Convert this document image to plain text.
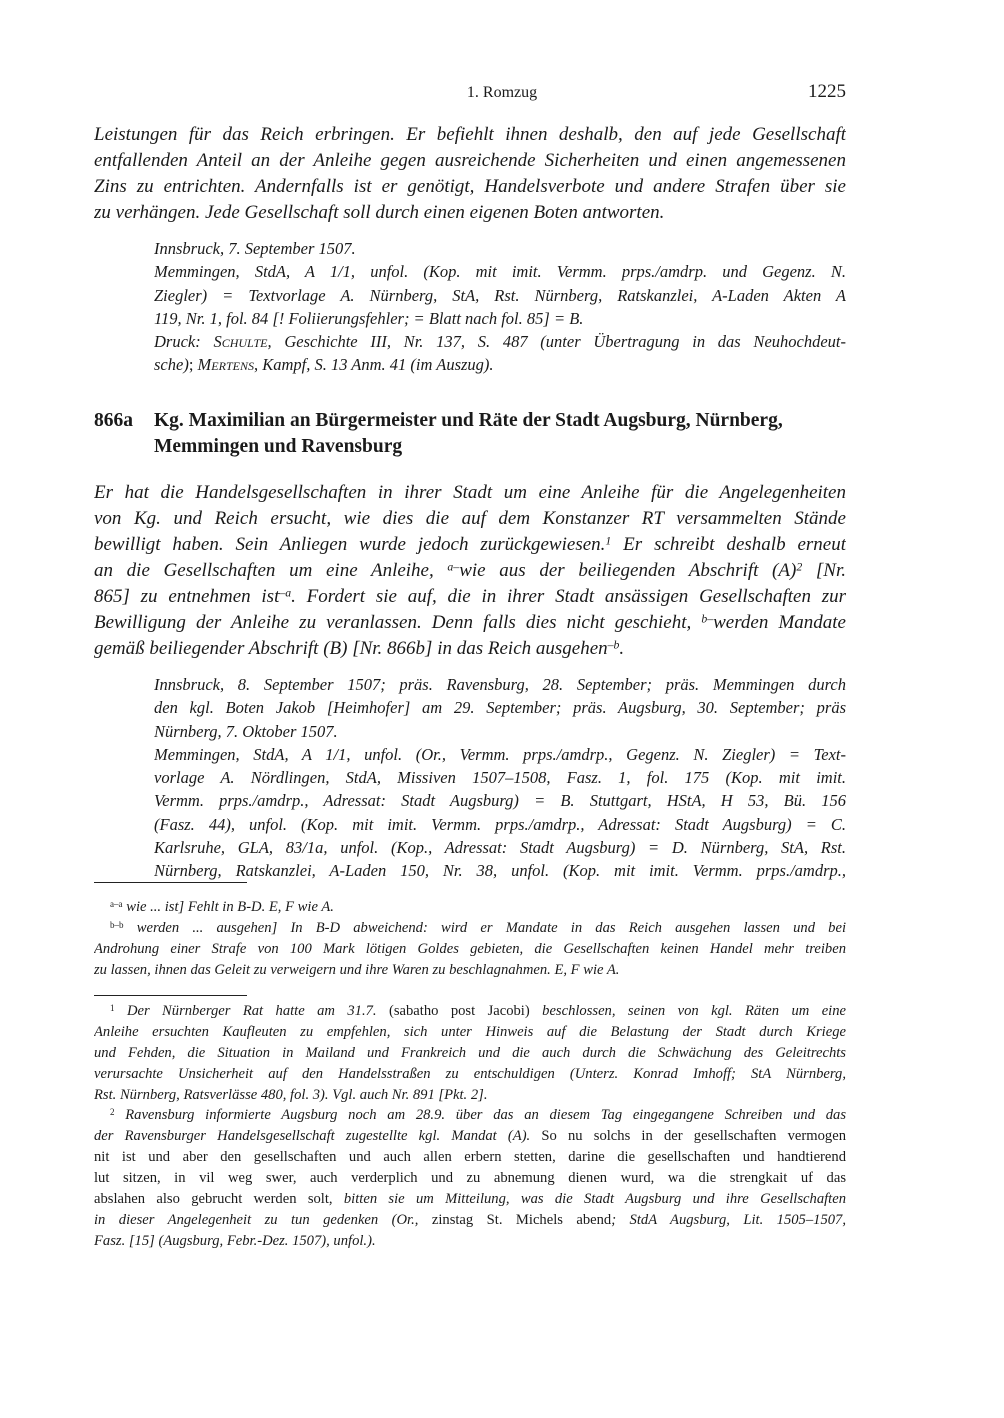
1. Romzug	1225
Leistungen für das Reich erbringen. Er befiehlt ihnen deshalb, den auf jede Gesellschaft
entfallenden Anteil an der Anleihe gegen ausreichende Sicherheiten und einen angemessenen
Zins zu entrichten. Andernfalls ist er genötigt, Handelsverbote und andere Strafen über sie
zu verhängen. Jede Gesellschaft soll durch einen eigenen Boten antworten.
Innsbruck, 7. September 1507.
Memmingen, StdA, A 1/1, unfol. (Kop. mit imit. Vermm. prps./amdrp. und Gegenz. N.
Ziegler) = Textvorlage A. Nürnberg, StA, Rst. Nürnberg, Ratskanzlei, A-Laden Akten A
119, Nr. 1, fol. 84 [! Foliierungsfehler; = Blatt nach fol. 85] = B.
Druck: Schulte, Geschichte III, Nr. 137, S. 487 (unter Übertragung in das Neuhochdeut-
sche); Mertens, Kampf, S. 13 Anm. 41 (im Auszug).
866a Kg. Maximilian an Bürgermeister und Räte der Stadt Augsburg, Nürnberg,
Memmingen und Ravensburg
Er hat die Handelsgesellschaften in ihrer Stadt um eine Anleihe für die Angelegenheiten
von Kg. und Reich ersucht, wie dies die auf dem Konstanzer RT versammelten Stände
bewilligt haben. Sein Anliegen wurde jedoch zurückgewiesen.$^1$ Er schreibt deshalb erneut
an die Gesellschaften um eine Anleihe, $^{a-}$wie aus der beiliegenden Abschrift $(A)^2$ [Nr.
865] zu entnehmen ist$^{-a}$. Fordert sie auf, die in ihrer Stadt ansässigen Gesellschaften zur
Bewilligung der Anleihe zu veranlassen. Denn falls dies nicht geschieht, $^{b-}$werden Mandate
gemäß beiliegender Abschrift (B) [Nr. 866b] in das Reich ausgehen$^{-b}$.
Innsbruck, 8. September 1507; präs. Ravensburg, 28. September; präs. Memmingen durch
den kgl. Boten Jakob [Heimhofer] am 29. September; präs. Augsburg, 30. September; präs
Nürnberg, 7. Oktober 1507.
Memmingen, StdA, A 1/1, unfol. (Or., Vermm. prps./amdrp., Gegenz. N. Ziegler) = Text-
vorlage A. Nördlingen, StdA, Missiven 1507–1508, Fasz. 1, fol. 175 (Kop. mit imit.
Vermm. prps./amdrp., Adressat: Stadt Augsburg) = B. Stuttgart, HStA, H 53, Bü. 156
(Fasz. 44), unfol. (Kop. mit imit. Vermm. prps./amdrp., Adressat: Stadt Augsburg) = C.
Karlsruhe, GLA, 83/1a, unfol. (Kop., Adressat: Stadt Augsburg) = D. Nürnberg, StA, Rst.
Nürnberg, Ratskanzlei, A-Laden 150, Nr. 38, unfol. (Kop. mit imit. Vermm. prps./amdrp.,
$^{a-a}$ wie ... ist] Fehlt in B-D. E, F wie A.
$^{b-b}$ werden ... ausgehen] In B-D abweichend: wird er Mandate in das Reich ausgehen lassen und bei
Androhung einer Strafe von 100 Mark lötigen Goldes gebieten, die Gesellschaften keinen Handel mehr treiben
zu lassen, ihnen das Geleit zu verweigern und ihre Waren zu beschlagnahmen. E, F wie A.
$^1$ Der Nürnberger Rat hatte am 31.7. (sabatho post Jacobi) beschlossen, seinen von kgl. Räten um eine
Anleihe ersuchten Kaufleuten zu empfehlen, sich unter Hinweis auf die Belastung der Stadt durch Kriege
und Fehden, die Situation in Mailand und Frankreich und die auch durch die Schwächung des Geleitrechts
verursachte Unsicherheit auf den Handelsstraßen zu entschuldigen (Unterz. Konrad Imhoff; StA Nürnberg,
Rst. Nürnberg, Ratsverlässe 480, fol. 3). Vgl. auch Nr. 891 [Pkt. 2].
$^2$ Ravensburg informierte Augsburg noch am 28.9. über das an diesem Tag eingegangene Schreiben und das
der Ravensburger Handelsgesellschaft zugestellte kgl. Mandat (A). So nu solchs in der gesellschaften vermogen
nit ist und aber den gesellschaften und auch allen erbern stetten, darine die gesellschaften und handtierend
lut sitzen, in vil weg swer, auch verderplich und zu abnemung dienen wurd, wa die strengkait uf das
abslahen also gebrucht werden solt, bitten sie um Mitteilung, was die Stadt Augsburg und ihre Gesellschaften
in dieser Angelegenheit zu tun gedenken (Or., zinstag St. Michels abend; StdA Augsburg, Lit. 1505–1507,
Fasz. [15] (Augsburg, Febr.-Dez. 1507), unfol.).
